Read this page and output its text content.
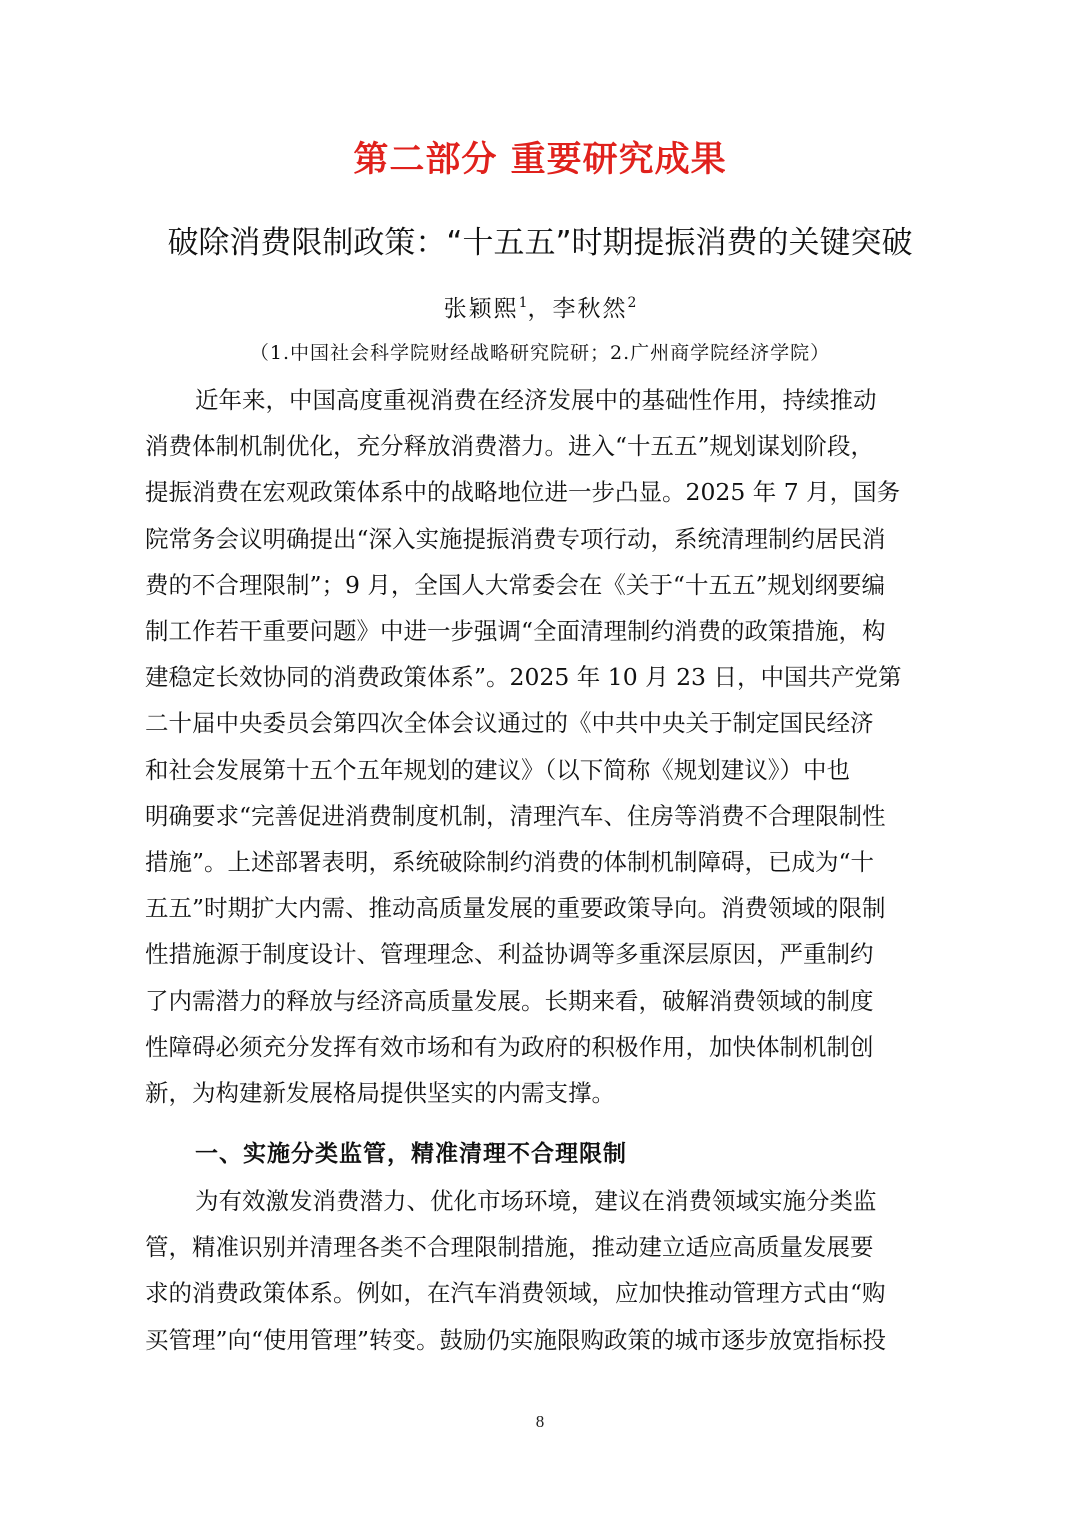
第二部分 重要研究成果
破除消费限制政策：“十五五”时期提振消费的关键突破
张颖熙$^1$，李秋然$^2$
（1.中国社会科学院财经战略研究院研；2.广州商学院经济学院）
近年来，中国高度重视消费在经济发展中的基础性作用，持续推动
消费体制机制优化，充分释放消费潜力。进入“十五五”规划谋划阶段，
提振消费在宏观政策体系中的战略地位进一步凸显。2025 年 7 月，国务
院常务会议明确提出“深入实施提振消费专项行动，系统清理制约居民消
费的不合理限制”；9 月，全国人大常委会在《关于“十五五”规划纲要编
制工作若干重要问题》中进一步强调“全面清理制约消费的政策措施，构
建稳定长效协同的消费政策体系”。2025 年 10 月 23 日，中国共产党第
二十届中央委员会第四次全体会议通过的《中共中央关于制定国民经济
和社会发展第十五个五年规划的建议》（以下简称《规划建议》）中也
明确要求“完善促进消费制度机制，清理汽车、住房等消费不合理限制性
措施”。上述部署表明，系统破除制约消费的体制机制障碍，已成为“十
五五”时期扩大内需、推动高质量发展的重要政策导向。消费领域的限制
性措施源于制度设计、管理理念、利益协调等多重深层原因，严重制约
了内需潜力的释放与经济高质量发展。长期来看，破解消费领域的制度
性障碍必须充分发挥有效市场和有为政府的积极作用，加快体制机制创
新，为构建新发展格局提供坚实的内需支撑。
一、实施分类监管，精准清理不合理限制
为有效激发消费潜力、优化市场环境，建议在消费领域实施分类监
管，精准识别并清理各类不合理限制措施，推动建立适应高质量发展要
求的消费政策体系。例如，在汽车消费领域，应加快推动管理方式由“购
买管理”向“使用管理”转变。鼓励仍实施限购政策的城市逐步放宽指标投
8
